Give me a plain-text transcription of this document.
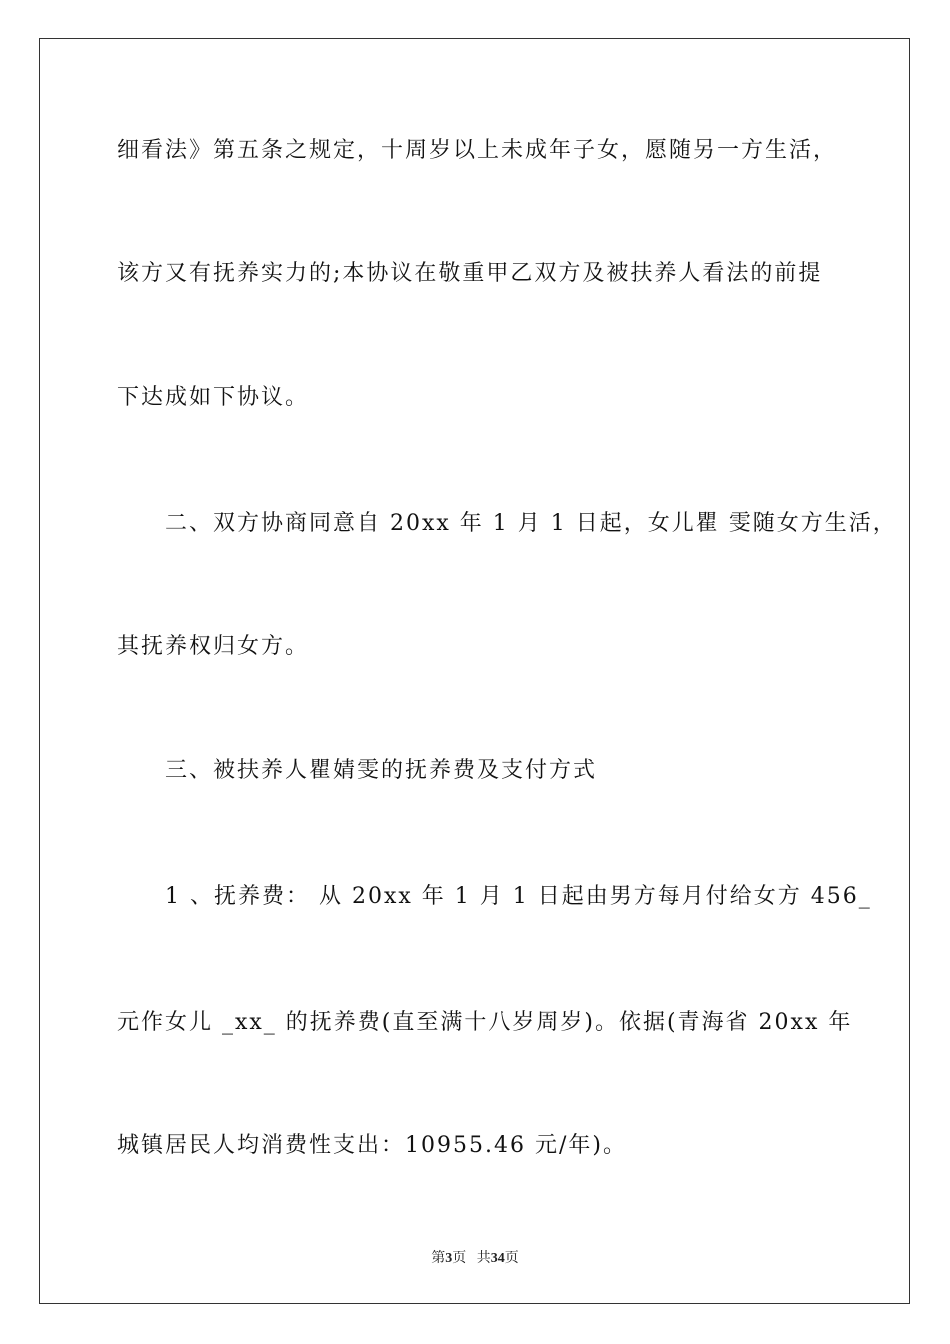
细看法》第五条之规定，十周岁以上未成年子女，愿随另一方生活，
该方又有抚养实力的;本协议在敬重甲乙双方及被扶养人看法的前提
下达成如下协议。
二、双方协商同意自 20xx 年 1 月 1 日起，女儿瞿 雯随女方生活，
其抚养权归女方。
三、被扶养人瞿婧雯的抚养费及支付方式
1 、抚养费： 从 20xx 年 1 月 1 日起由男方每月付给女方 456_
元作女儿 _xx_ 的抚养费(直至满十八岁周岁)。依据(青海省 20xx 年
城镇居民人均消费性支出：10955.46 元/年)。
第3页 共34页
